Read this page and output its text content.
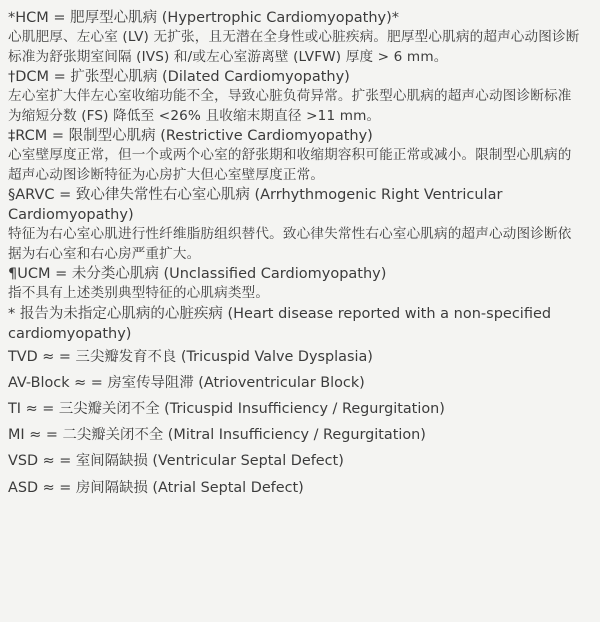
*HCM = 肥厚型心肌病 (Hypertrophic Cardiomyopathy)*
心肌肥厚、左心室 (LV) 无扩张，且无潜在全身性或心脏疾病。肥厚型心肌病的超声心动图诊断标准为舒张期室间隔 (IVS) 和/或左心室游离壁 (LVFW) 厚度 > 6 mm。
†DCM = 扩张型心肌病 (Dilated Cardiomyopathy)
左心室扩大伴左心室收缩功能不全，导致心脏负荷异常。扩张型心肌病的超声心动图诊断标准为缩短分数 (FS) 降低至 <26% 且收缩末期直径 >11 mm。
‡RCM = 限制型心肌病 (Restrictive Cardiomyopathy)
心室壁厚度正常，但一个或两个心室的舒张期和收缩期容积可能正常或减小。限制型心肌病的超声心动图诊断特征为心房扩大但心室壁厚度正常。
§ARVC = 致心律失常性右心室心肌病 (Arrhythmogenic Right Ventricular Cardiomyopathy)
特征为右心室心肌进行性纤维脂肪组织替代。致心律失常性右心室心肌病的超声心动图诊断依据为右心室和右心房严重扩大。
¶UCM = 未分类心肌病 (Unclassified Cardiomyopathy)
指不具有上述类别典型特征的心肌病类型。
* 报告为未指定心肌病的心脏疾病 (Heart disease reported with a non-specified cardiomyopathy)
TVD ≈ = 三尖瓣发育不良 (Tricuspid Valve Dysplasia)
AV-Block ≈ = 房室传导阻滞 (Atrioventricular Block)
TI ≈ = 三尖瓣关闭不全 (Tricuspid Insufficiency / Regurgitation)
MI ≈ = 二尖瓣关闭不全 (Mitral Insufficiency / Regurgitation)
VSD ≈ = 室间隔缺损 (Ventricular Septal Defect)
ASD ≈ = 房间隔缺损 (Atrial Septal Defect)
